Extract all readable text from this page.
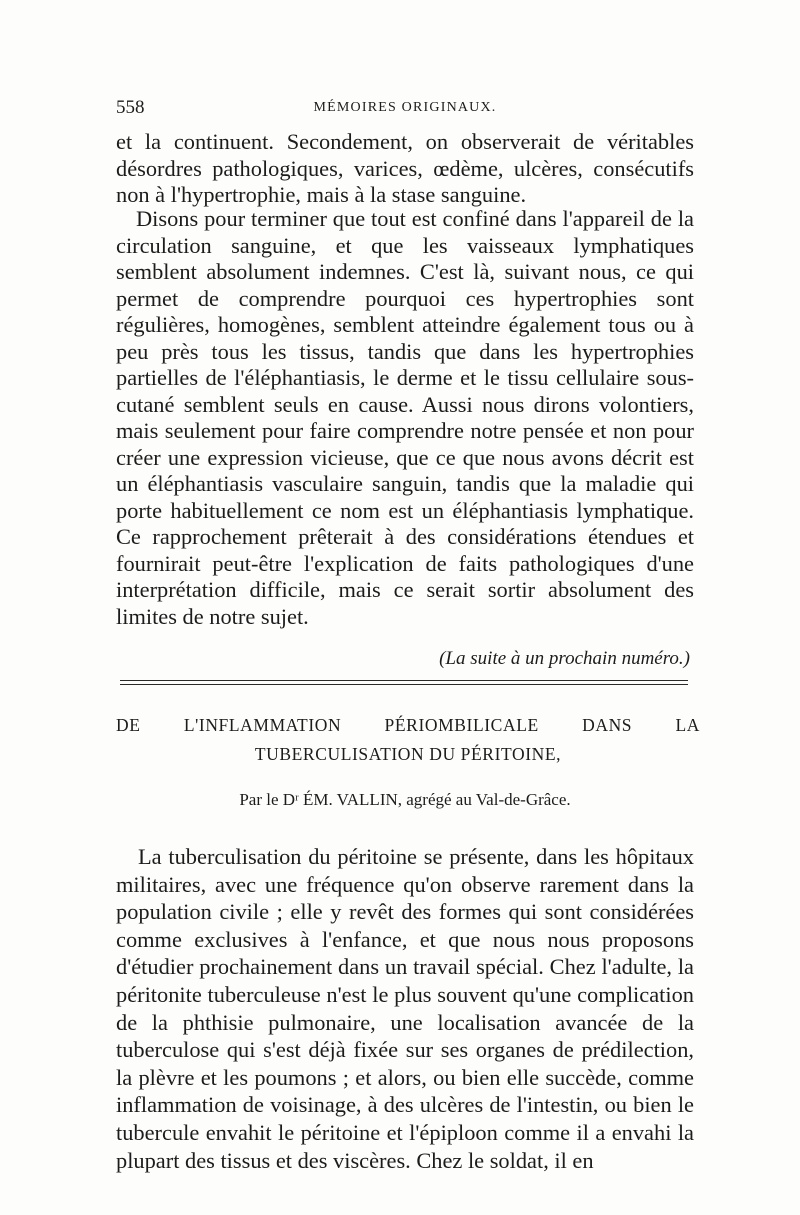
558	MÉMOIRES ORIGINAUX.

et la continuent. Secondement, on observerait de véritables désordres pathologiques, varices, œdème, ulcères, consécutifs non à l'hypertrophie, mais à la stase sanguine.

Disons pour terminer que tout est confiné dans l'appareil de la circulation sanguine, et que les vaisseaux lymphatiques semblent absolument indemnes. C'est là, suivant nous, ce qui permet de comprendre pourquoi ces hypertrophies sont régulières, homogènes, semblent atteindre également tous ou à peu près tous les tissus, tandis que dans les hypertrophies partielles de l'éléphantiasis, le derme et le tissu cellulaire sous-cutané semblent seuls en cause. Aussi nous dirons volontiers, mais seulement pour faire comprendre notre pensée et non pour créer une expression vicieuse, que ce que nous avons décrit est un éléphantiasis vasculaire sanguin, tandis que la maladie qui porte habituellement ce nom est un éléphantiasis lymphatique. Ce rapprochement prêterait à des considérations étendues et fournirait peut-être l'explication de faits pathologiques d'une interprétation difficile, mais ce serait sortir absolument des limites de notre sujet.

(La suite à un prochain numéro.)
DE L'INFLAMMATION PÉRIOMBILICALE DANS LA TUBERCULISATION DU PÉRITOINE,
Par le Dʳ ÉM. VALLIN, agrégé au Val-de-Grâce.

La tuberculisation du péritoine se présente, dans les hôpitaux militaires, avec une fréquence qu'on observe rarement dans la population civile ; elle y revêt des formes qui sont considérées comme exclusives à l'enfance, et que nous nous proposons d'étudier prochainement dans un travail spécial. Chez l'adulte, la péritonite tuberculeuse n'est le plus souvent qu'une complication de la phthisie pulmonaire, une localisation avancée de la tuberculose qui s'est déjà fixée sur ses organes de prédilection, la plèvre et les poumons ; et alors, ou bien elle succède, comme inflammation de voisinage, à des ulcères de l'intestin, ou bien le tubercule envahit le péritoine et l'épiploon comme il a envahi la plupart des tissus et des viscères. Chez le soldat, il en
